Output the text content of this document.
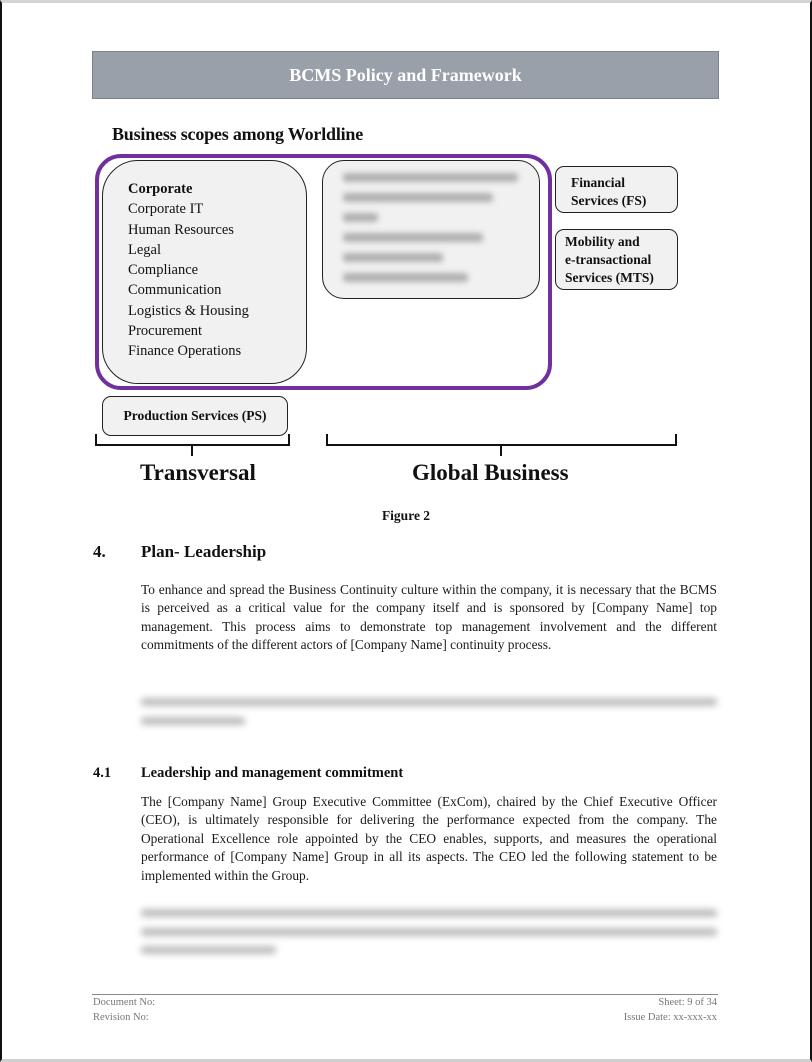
BCMS Policy and Framework
Business scopes among Worldline
Corporate
Corporate IT
Human Resources
Legal
Compliance
Communication
Logistics & Housing
Procurement
Finance Operations
Financial
Services (FS)
Mobility and
e-transactional
Services (MTS)
Production Services (PS)
Transversal	Global Business
Figure 2
4. Plan- Leadership

To enhance and spread the Business Continuity culture within the company, it is necessary that the BCMS is perceived as a critical value for the company itself and is sponsored by [Company Name] top management. This process aims to demonstrate top management involvement and the different commitments of the different actors of [Company Name] continuity process.

4.1 Leadership and management commitment

The [Company Name] Group Executive Committee (ExCom), chaired by the Chief Executive Officer (CEO), is ultimately responsible for delivering the performance expected from the company. The Operational Excellence role appointed by the CEO enables, supports, and measures the operational performance of [Company Name] Group in all its aspects. The CEO led the following statement to be implemented within the Group.

Document No:
Revision No:
Sheet: 9 of 34
Issue Date: xx-xxx-xx
